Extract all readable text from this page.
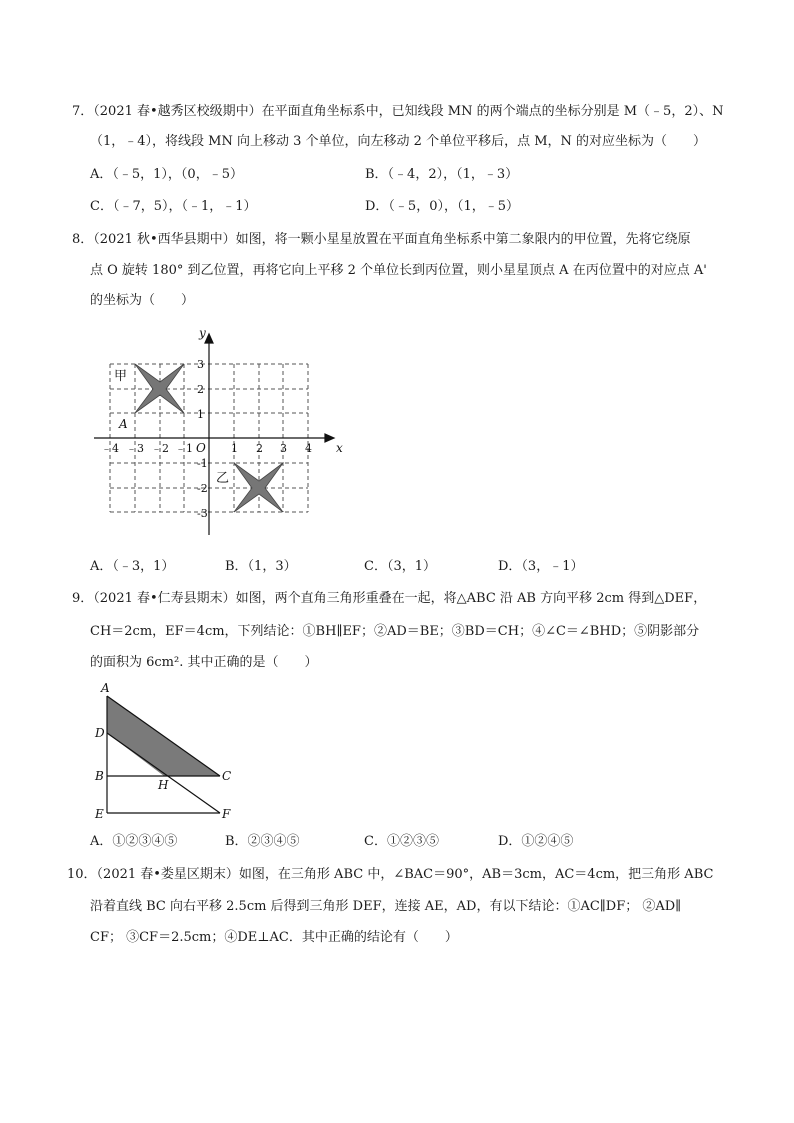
7．（2021 春•越秀区校级期中）在平面直角坐标系中，已知线段 MN 的两个端点的坐标分别是 M（﹣5，2）、N
（1，﹣4），将线段 MN 向上移动 3 个单位，向左移动 2 个单位平移后，点 M，N 的对应坐标为（　　）
A．（﹣5，1），（0，﹣5）	B．（﹣4，2），（1，﹣3）
C．（﹣7，5），（﹣1，﹣1）	D．（﹣5，0），（1，﹣5）
8．（2021 秋•西华县期中）如图，将一颗小星星放置在平面直角坐标系中第二象限内的甲位置，先将它绕原
点 O 旋转 180° 到乙位置，再将它向上平移 2 个单位长到丙位置，则小星星顶点 A 在丙位置中的对应点 A'
的坐标为（　　）
x
y
O
A
﹣4 ﹣3 ﹣2 ﹣1	1 2 3 4
3
2
1
-1
-2
-3
甲
乙
A．（﹣3，1）	B．（1，3）	C．（3，1）	D．（3，﹣1）
9．（2021 春•仁寿县期末）如图，两个直角三角形重叠在一起，将△ABC 沿 AB 方向平移 2cm 得到△DEF，
CH＝2cm，EF＝4cm，下列结论：①BH∥EF；②AD＝BE；③BD＝CH；④∠C＝∠BHD；⑤阴影部分
的面积为 6cm². 其中正确的是（　　）
A
D
B
E
H
C
F
A．①②③④⑤	B．②③④⑤	C．①②③⑤	D．①②④⑤
10．（2021 春•娄星区期末）如图，在三角形 ABC 中，∠BAC＝90°，AB＝3cm，AC＝4cm，把三角形 ABC
沿着直线 BC 向右平移 2.5cm 后得到三角形 DEF，连接 AE，AD，有以下结论：①AC∥DF； ②AD∥
CF； ③CF＝2.5cm；④DE⊥AC．其中正确的结论有（　　）
